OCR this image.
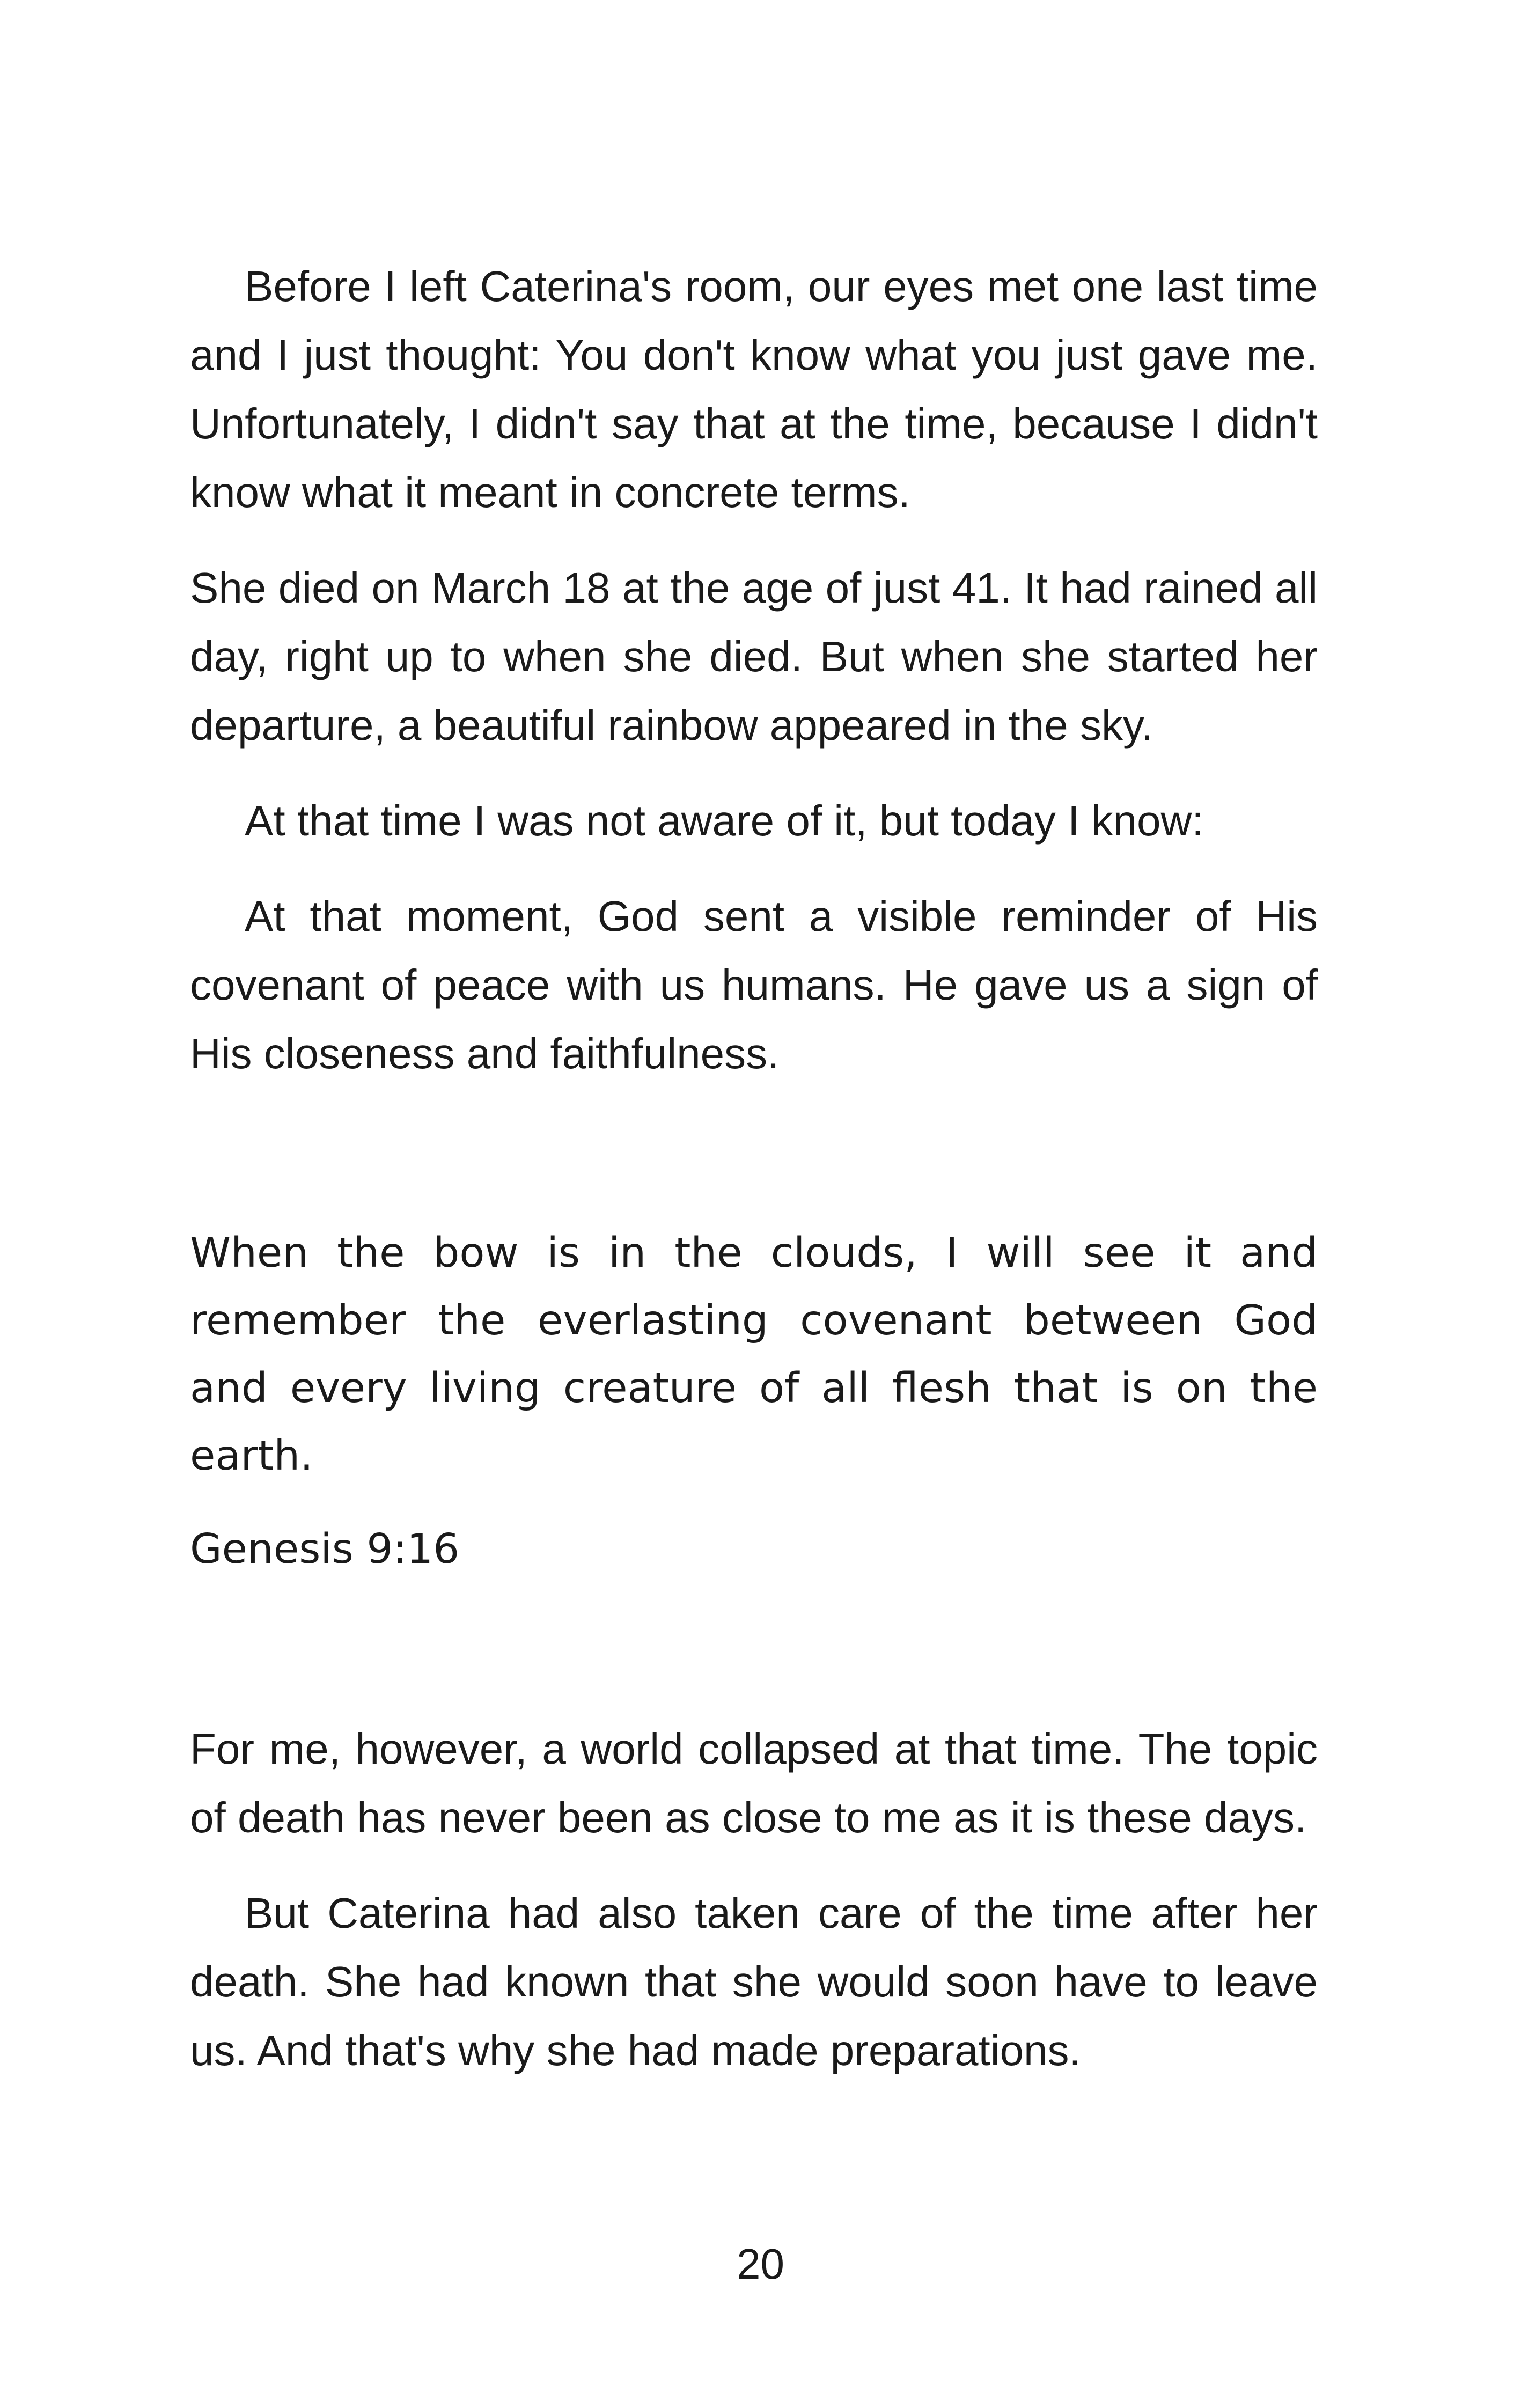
Before I left Caterina's room, our eyes met one last time and I just thought: You don't know what you just gave me. Unfortunately, I didn't say that at the time, because I didn't know what it meant in concrete terms.

She died on March 18 at the age of just 41. It had rained all day, right up to when she died. But when she started her departure, a beautiful rainbow appeared in the sky.

At that time I was not aware of it, but today I know:

At that moment, God sent a visible reminder of His covenant of peace with us humans. He gave us a sign of His closeness and faithfulness.

When the bow is in the clouds, I will see it and remember the everlasting covenant between God and every living creature of all flesh that is on the earth.

Genesis 9:16

For me, however, a world collapsed at that time. The topic of death has never been as close to me as it is these days.

But Caterina had also taken care of the time after her death. She had known that she would soon have to leave us. And that's why she had made preparations.

20
